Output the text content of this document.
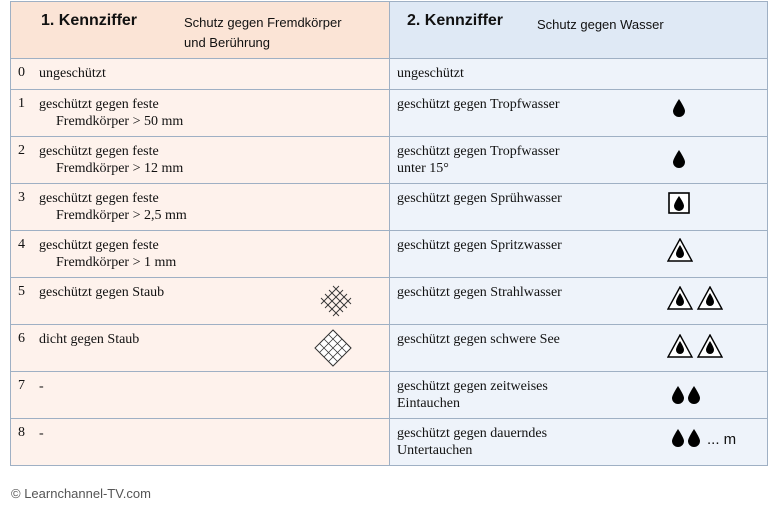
1. Kennziffer Schutz gegen Fremdkörper
und Berührung	2. Kennziffer Schutz gegen Wasser

0 ungeschützt	ungeschützt

1 geschützt gegen feste
Fremdkörper > 50 mm	geschützt gegen Tropfwasser

2 geschützt gegen feste
Fremdkörper > 12 mm	geschützt gegen Tropfwasser
unter 15°

3 geschützt gegen feste
Fremdkörper > 2,5 mm	geschützt gegen Sprühwasser

4 geschützt gegen feste
Fremdkörper > 1 mm	geschützt gegen Spritzwasser

5 geschützt gegen Staub	geschützt gegen Strahlwasser

6 dicht gegen Staub	geschützt gegen schwere See

7 -	geschützt gegen zeitweises
Eintauchen

8 -	geschützt gegen dauerndes
Untertauchen
... m
© Learnchannel-TV.com
